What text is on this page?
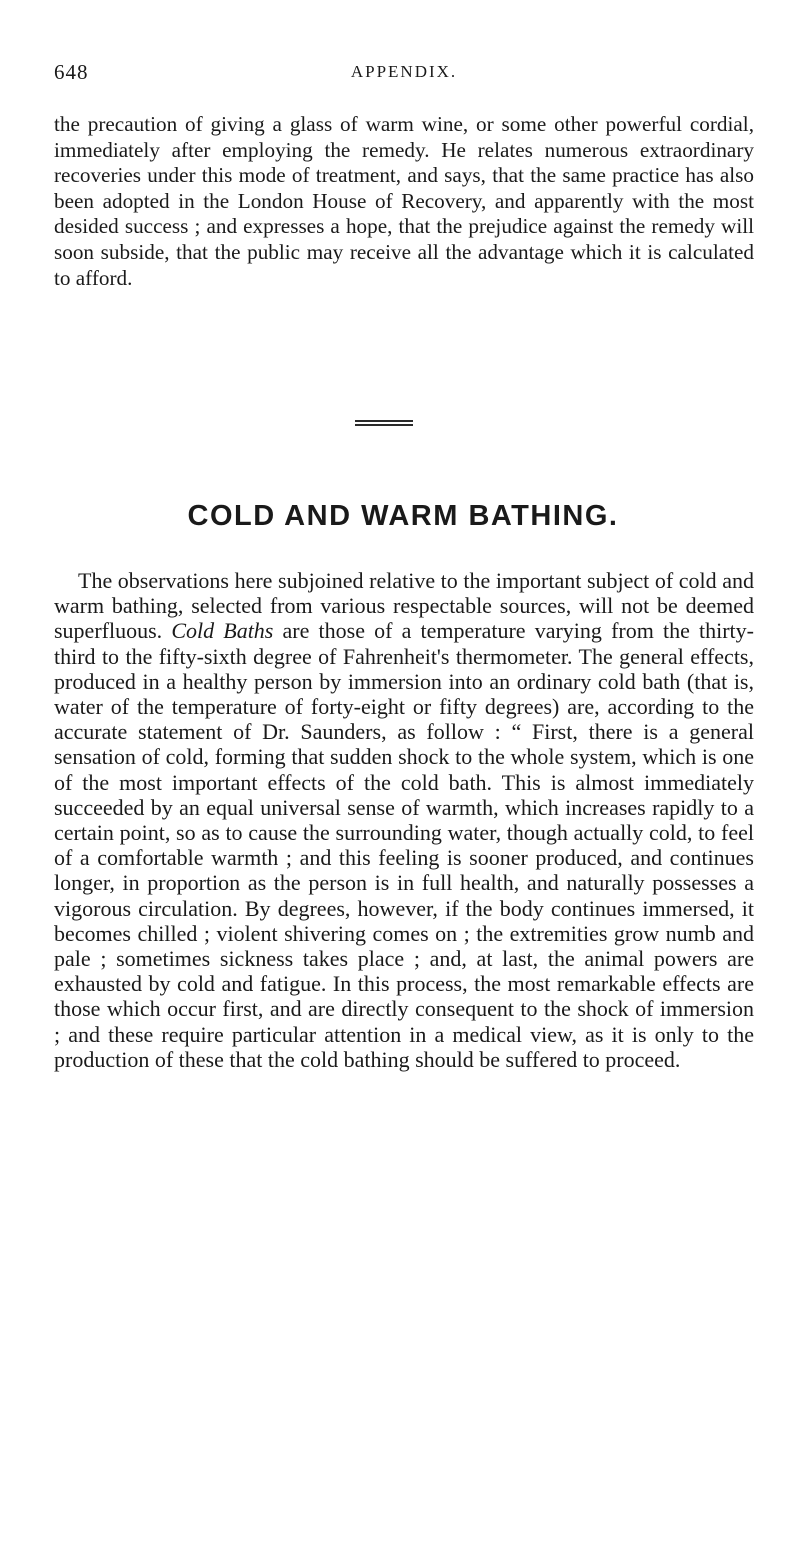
648	APPENDIX.

the precaution of giving a glass of warm wine, or some other powerful cordial, immediately after employing the remedy. He relates numerous extraordinary recoveries under this mode of treatment, and says, that the same practice has also been adopted in the London House of Recovery, and apparently with the most desided success ; and expresses a hope, that the prejudice against the remedy will soon subside, that the public may receive all the advantage which it is calculated to afford.

COLD AND WARM BATHING.

The observations here subjoined relative to the important subject of cold and warm bathing, selected from various respectable sources, will not be deemed superfluous. Cold Baths are those of a temperature varying from the thirty-third to the fifty-sixth degree of Fahrenheit's thermometer. The general effects, produced in a healthy person by immersion into an ordinary cold bath (that is, water of the temperature of forty-eight or fifty degrees) are, according to the accurate statement of Dr. Saunders, as follow : “ First, there is a general sensation of cold, forming that sudden shock to the whole system, which is one of the most important effects of the cold bath. This is almost immediately succeeded by an equal universal sense of warmth, which increases rapidly to a certain point, so as to cause the surrounding water, though actually cold, to feel of a comfortable warmth ; and this feeling is sooner produced, and continues longer, in proportion as the person is in full health, and naturally possesses a vigorous circulation. By degrees, however, if the body continues immersed, it becomes chilled ; violent shivering comes on ; the extremities grow numb and pale ; sometimes sickness takes place ; and, at last, the animal powers are exhausted by cold and fatigue. In this process, the most remarkable effects are those which occur first, and are directly consequent to the shock of immersion ; and these require particular attention in a medical view, as it is only to the production of these that the cold bathing should be suffered to proceed.
